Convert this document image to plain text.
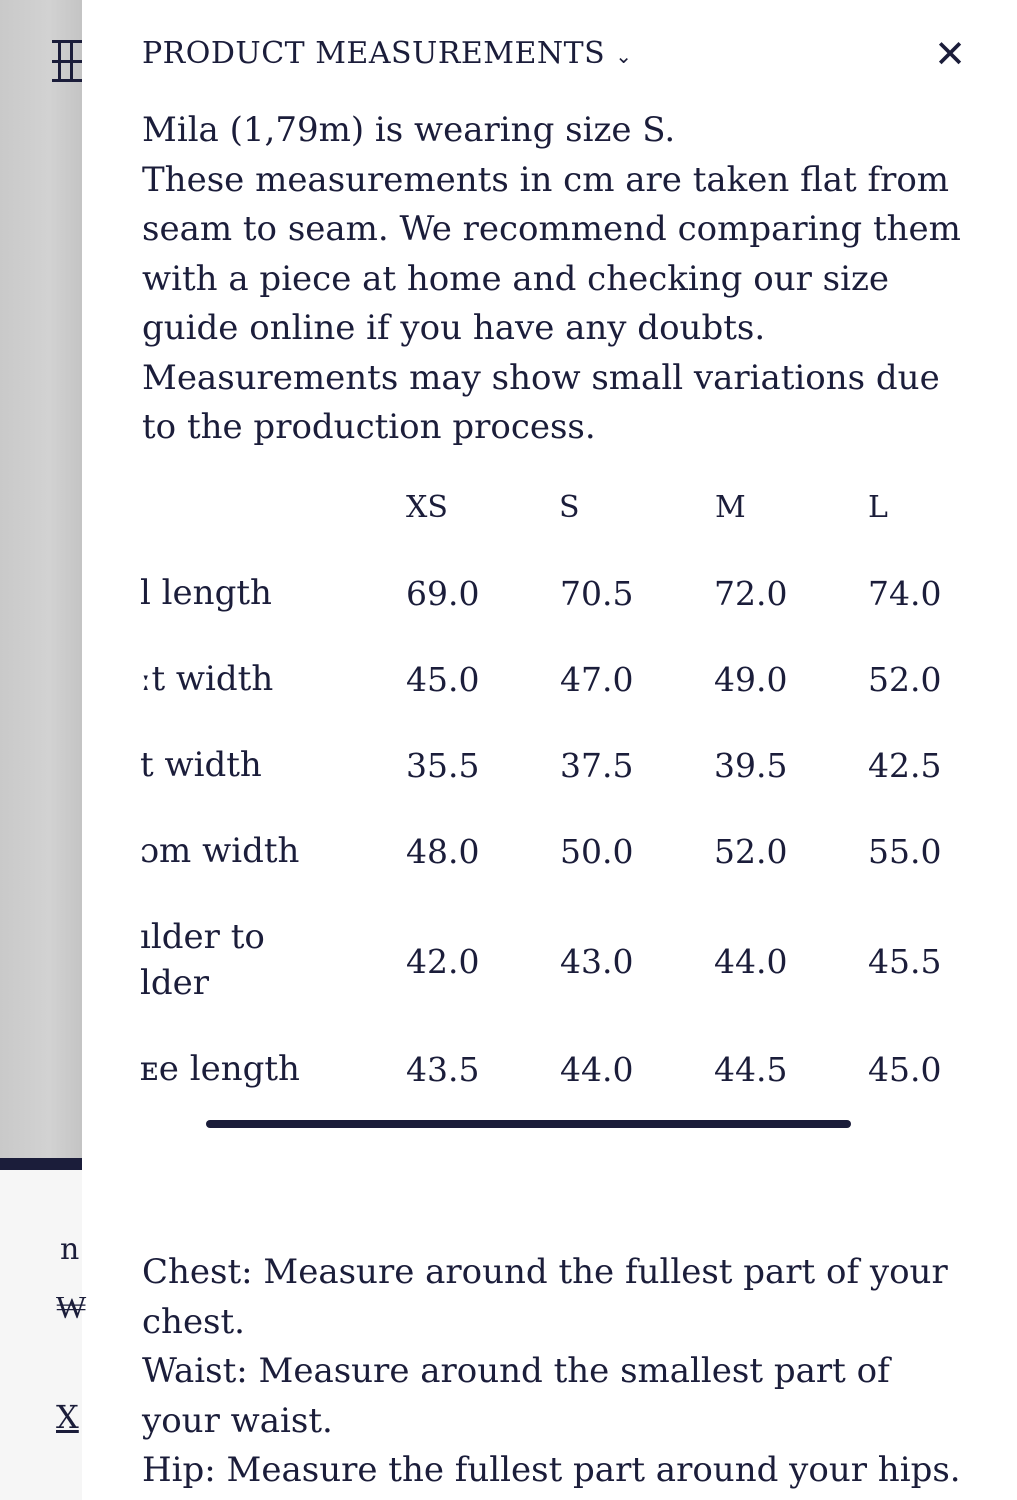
n
₩
X
PRODUCT MEASUREMENTS ⌄	✕

Mila (1,79m) is wearing size S.

These measurements in cm are taken flat from seam to seam. We recommend comparing them with a piece at home and checking our size guide online if you have any doubts. Measurements may show small variations due to the production process.

XS	S	M	L
l length	69.0 70.5 72.0 74.0
ːt width	45.0 47.0 49.0 52.0
t width	35.5 37.5 39.5 42.5
ɔm width	48.0 50.0 52.0 55.0
ılder to
lder
42.0 43.0 44.0 45.5
ᴇe length	43.5 44.0 44.5 45.0

Chest: Measure around the fullest part of your chest.

Waist: Measure around the smallest part of your waist.

Hip: Measure the fullest part around your hips.
